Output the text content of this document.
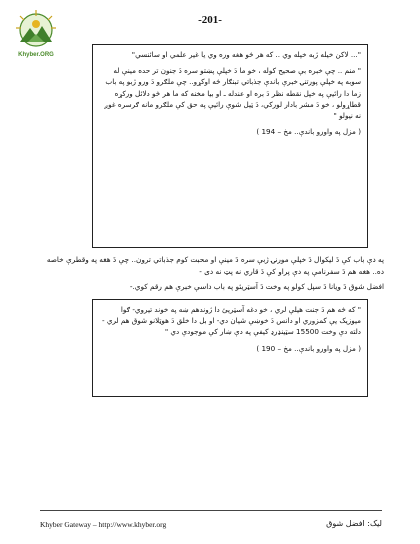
Khyber.ORG
-201-

"... لاكن خيله ژبه خپله وي .. كه هر څو هغه وره وي يا غير علمي او سائنسي"

" منم .. چې خبره بې صحيح كوله ، خو ما دَ خپلې پښتو سره دَ جنون تر حده مينې له سوبه په خپلې پورتنۍ خبرې باندې جذباتي تبنګار څه اوكړو.. چې ملګرو دَ ورو ژبو په باب زما دا رائيې په خپل نقطه نظر دَ بره او عندله ـ او بيا مخنه كه ما هر څو دلائل وركړه قطاړولو ، خو دَ مشر بادار لوركي، دَ ټيل شوې رائيې په حق كې ملګرو مانه ګرسره غوږ نه نيولو "

( مزل په واورو باندې.. مخ – 194 )
په دې باب كې دَ ليكوال دَ خپلې مورنۍ ژبې سره دَ مينې او محبت كوم جذباتي ترون.. چې دَ هغه په وقطرې خاصه ده.. هغه هم دَ سفرنامې په دې پراو كې دَ قاري نه پټ نه دى -
افضل شوق دَ ويانا دَ سپل كولو په وخت دَ آسټريئو په باب داسې خبرې هم رقم كوي.-

" كه څه هم دَ جنت هيلې لري ، خو دغه آسټريئ دا ژوندهم ښه په خوند تيروي- ګوا ميوزيک يې كمزوري او دانس دَ خوښې شيان دي- او بل دا خلق دَ هوټلانو شوق هم لري - دلته دې وخت 15500 سټينډرډ كيفې په دې ښار كې موجودې دي "

( مزل په واورو باندې.. مخ – 190 )
Khyber Gateway – http://www.khyber.org	ليک: افضل شوق
